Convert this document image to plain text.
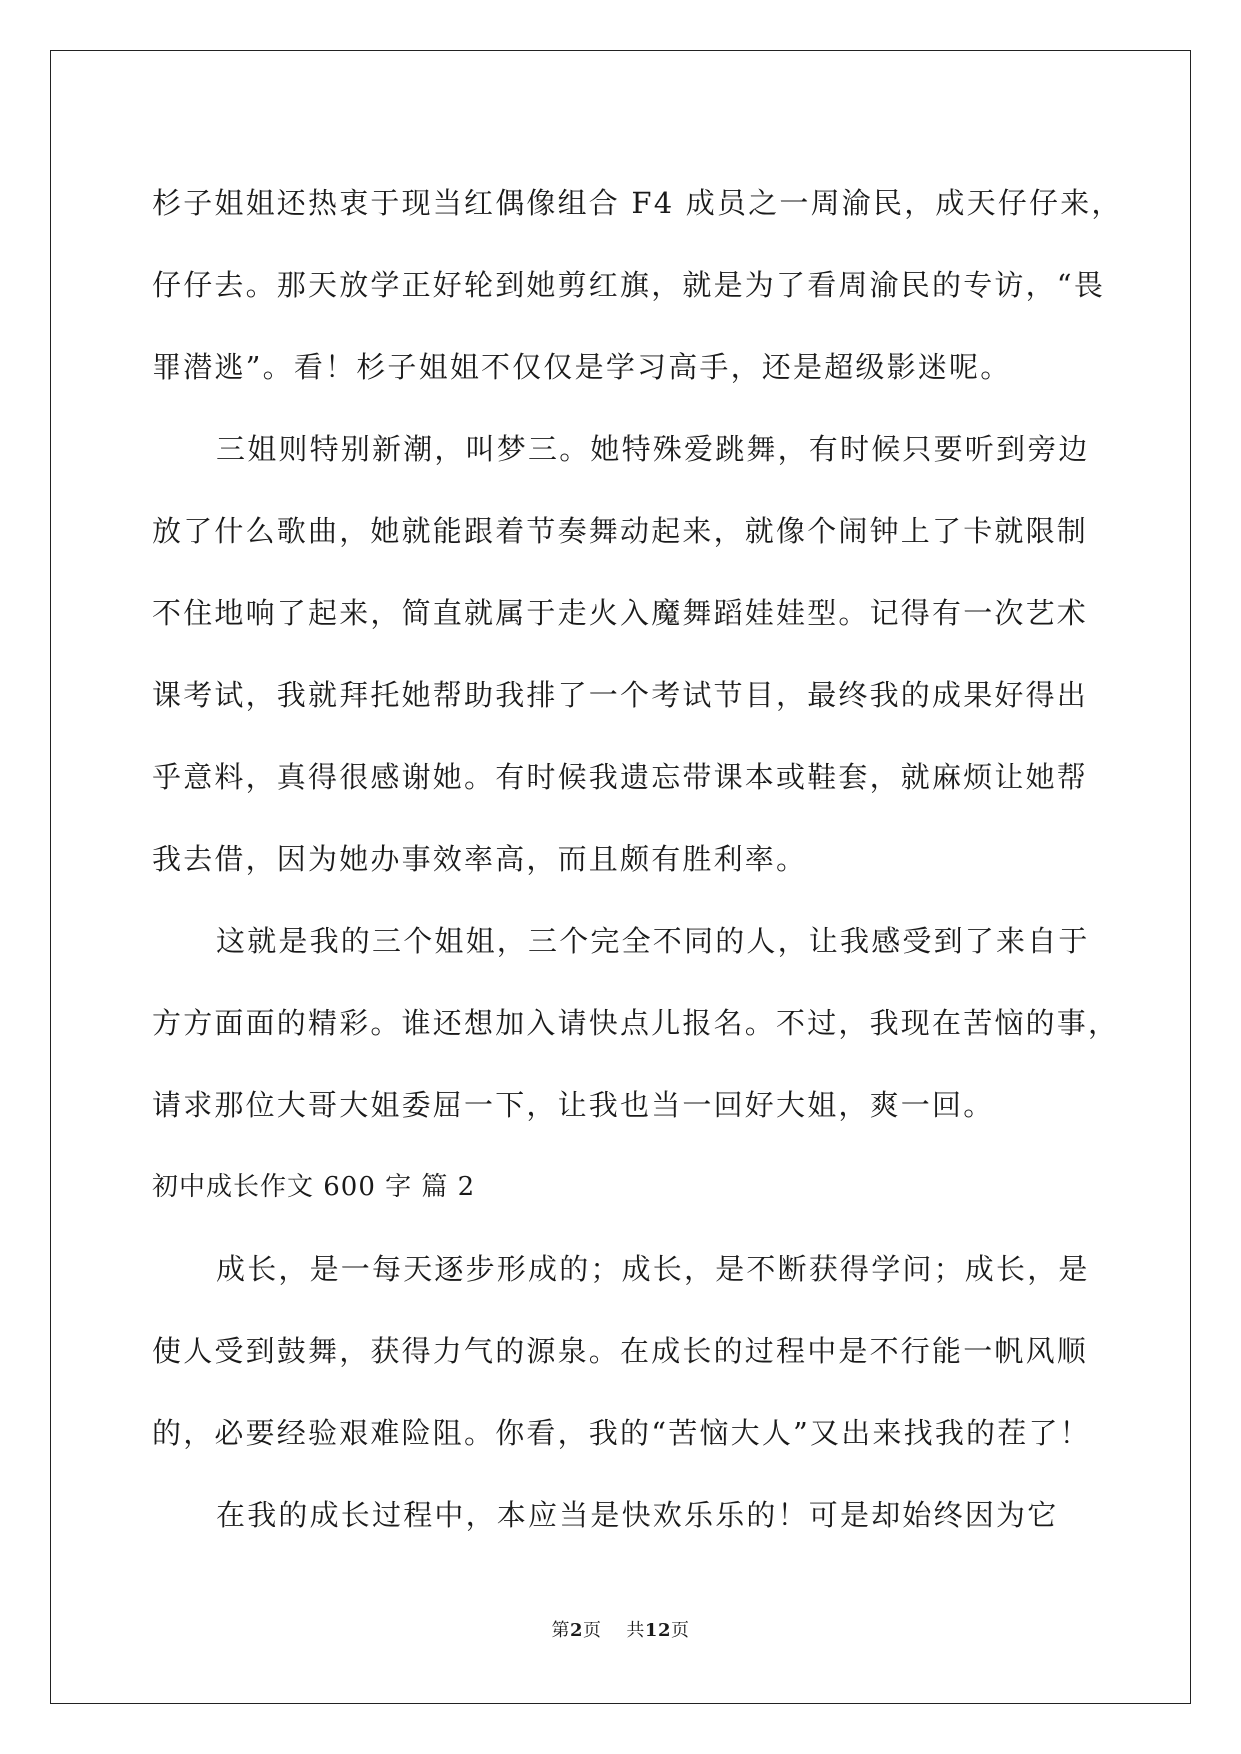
杉子姐姐还热衷于现当红偶像组合 F4 成员之一周渝民，成天仔仔来，
仔仔去。那天放学正好轮到她剪红旗，就是为了看周渝民的专访，“畏
罪潜逃”。看！杉子姐姐不仅仅是学习高手，还是超级影迷呢。
三姐则特别新潮，叫梦三。她特殊爱跳舞，有时候只要听到旁边
放了什么歌曲，她就能跟着节奏舞动起来，就像个闹钟上了卡就限制
不住地响了起来，简直就属于走火入魔舞蹈娃娃型。记得有一次艺术
课考试，我就拜托她帮助我排了一个考试节目，最终我的成果好得出
乎意料，真得很感谢她。有时候我遗忘带课本或鞋套，就麻烦让她帮
我去借，因为她办事效率高，而且颇有胜利率。
这就是我的三个姐姐，三个完全不同的人，让我感受到了来自于
方方面面的精彩。谁还想加入请快点儿报名。不过，我现在苦恼的事，
请求那位大哥大姐委屈一下，让我也当一回好大姐，爽一回。
初中成长作文 600 字 篇 2
成长，是一每天逐步形成的；成长，是不断获得学问；成长，是
使人受到鼓舞，获得力气的源泉。在成长的过程中是不行能一帆风顺
的，必要经验艰难险阻。你看，我的“苦恼大人”又出来找我的茬了！
在我的成长过程中，本应当是快欢乐乐的！可是却始终因为它
第2页    共12页
